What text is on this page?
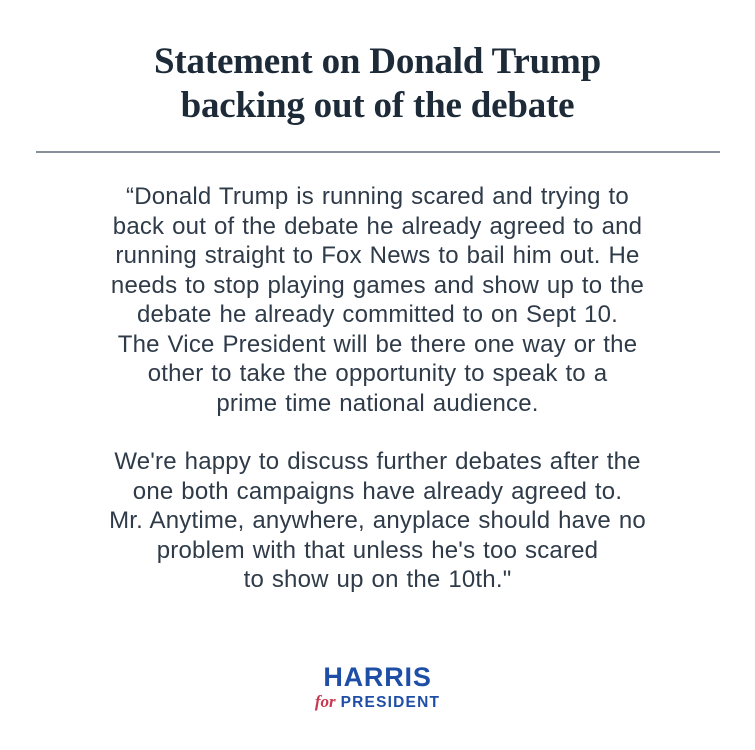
Statement on Donald Trump
backing out of the debate
“Donald Trump is running scared and trying to
back out of the debate he already agreed to and
running straight to Fox News to bail him out. He
needs to stop playing games and show up to the
debate he already committed to on Sept 10.
The Vice President will be there one way or the
other to take the opportunity to speak to a
prime time national audience.
We're happy to discuss further debates after the
one both campaigns have already agreed to.
Mr. Anytime, anywhere, anyplace should have no
problem with that unless he's too scared
to show up on the 10th."
HARRIS
for PRESIDENT
